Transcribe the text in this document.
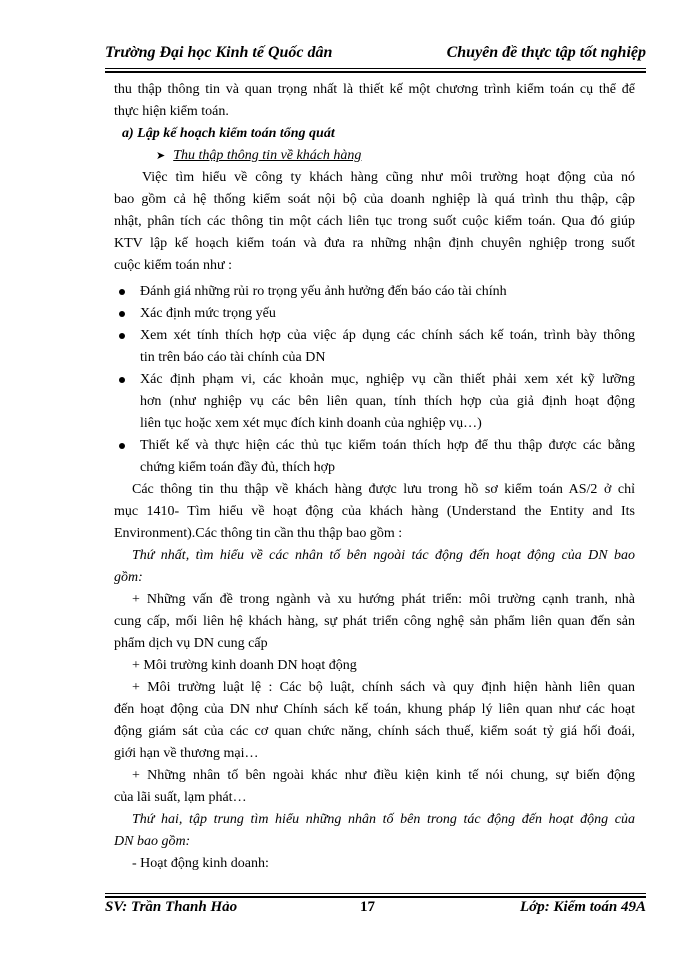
Trường Đại học Kinh tế Quốc dân	Chuyên đề thực tập tốt nghiệp
thu thập thông tin và quan trọng nhất là thiết kế một chương trình kiểm toán cụ thể để
thực hiện kiểm toán.
a) Lập kế hoạch kiểm toán tổng quát
➤ Thu thập thông tin về khách hàng
Việc tìm hiểu về công ty khách hàng cũng như môi trường hoạt động của nó
bao gồm cả hệ thống kiểm soát nội bộ của doanh nghiệp là quá trình thu thập, cập
nhật, phân tích các thông tin một cách liên tục trong suốt cuộc kiểm toán. Qua đó giúp
KTV lập kế hoạch kiểm toán và đưa ra những nhận định chuyên nghiệp trong suốt
cuộc kiểm toán như :
Đánh giá những rủi ro trọng yếu ảnh hưởng đến báo cáo tài chính
Xác định mức trọng yếu
Xem xét tính thích hợp của việc áp dụng các chính sách kế toán, trình bày thông
tin trên báo cáo tài chính của DN
Xác định phạm vi, các khoản mục, nghiệp vụ cần thiết phải xem xét kỹ lưỡng
hơn (như nghiệp vụ các bên liên quan, tính thích hợp của giả định hoạt động
liên tục hoặc xem xét mục đích kinh doanh của nghiệp vụ…)
Thiết kế và thực hiện các thủ tục kiểm toán thích hợp để thu thập được các bằng
chứng kiểm toán đầy đủ, thích hợp
Các thông tin thu thập về khách hàng được lưu trong hồ sơ kiểm toán AS/2 ở chỉ
mục 1410- Tìm hiểu về hoạt động của khách hàng (Understand the Entity and Its
Environment).Các thông tin cần thu thập bao gồm :
Thứ nhất, tìm hiểu về các nhân tố bên ngoài tác động đến hoạt động của DN bao
gồm:
+ Những vấn đề trong ngành và xu hướng phát triển: môi trường cạnh tranh, nhà
cung cấp, mối liên hệ khách hàng, sự phát triển công nghệ sản phẩm liên quan đến sản
phẩm dịch vụ DN cung cấp
+ Môi trường kinh doanh DN hoạt động
+ Môi trường luật lệ : Các bộ luật, chính sách và quy định hiện hành liên quan
đến hoạt động của DN như Chính sách kế toán, khung pháp lý liên quan như các hoạt
động giám sát của các cơ quan chức năng, chính sách thuế, kiểm soát tỷ giá hối đoái,
giới hạn về thương mại…
+ Những nhân tố bên ngoài khác như điều kiện kinh tế nói chung, sự biến động
của lãi suất, lạm phát…
Thứ hai, tập trung tìm hiểu những nhân tố bên trong tác động đến hoạt động của
DN bao gồm:
- Hoạt động kinh doanh:
SV: Trần Thanh Hảo	17	Lớp: Kiểm toán 49A
